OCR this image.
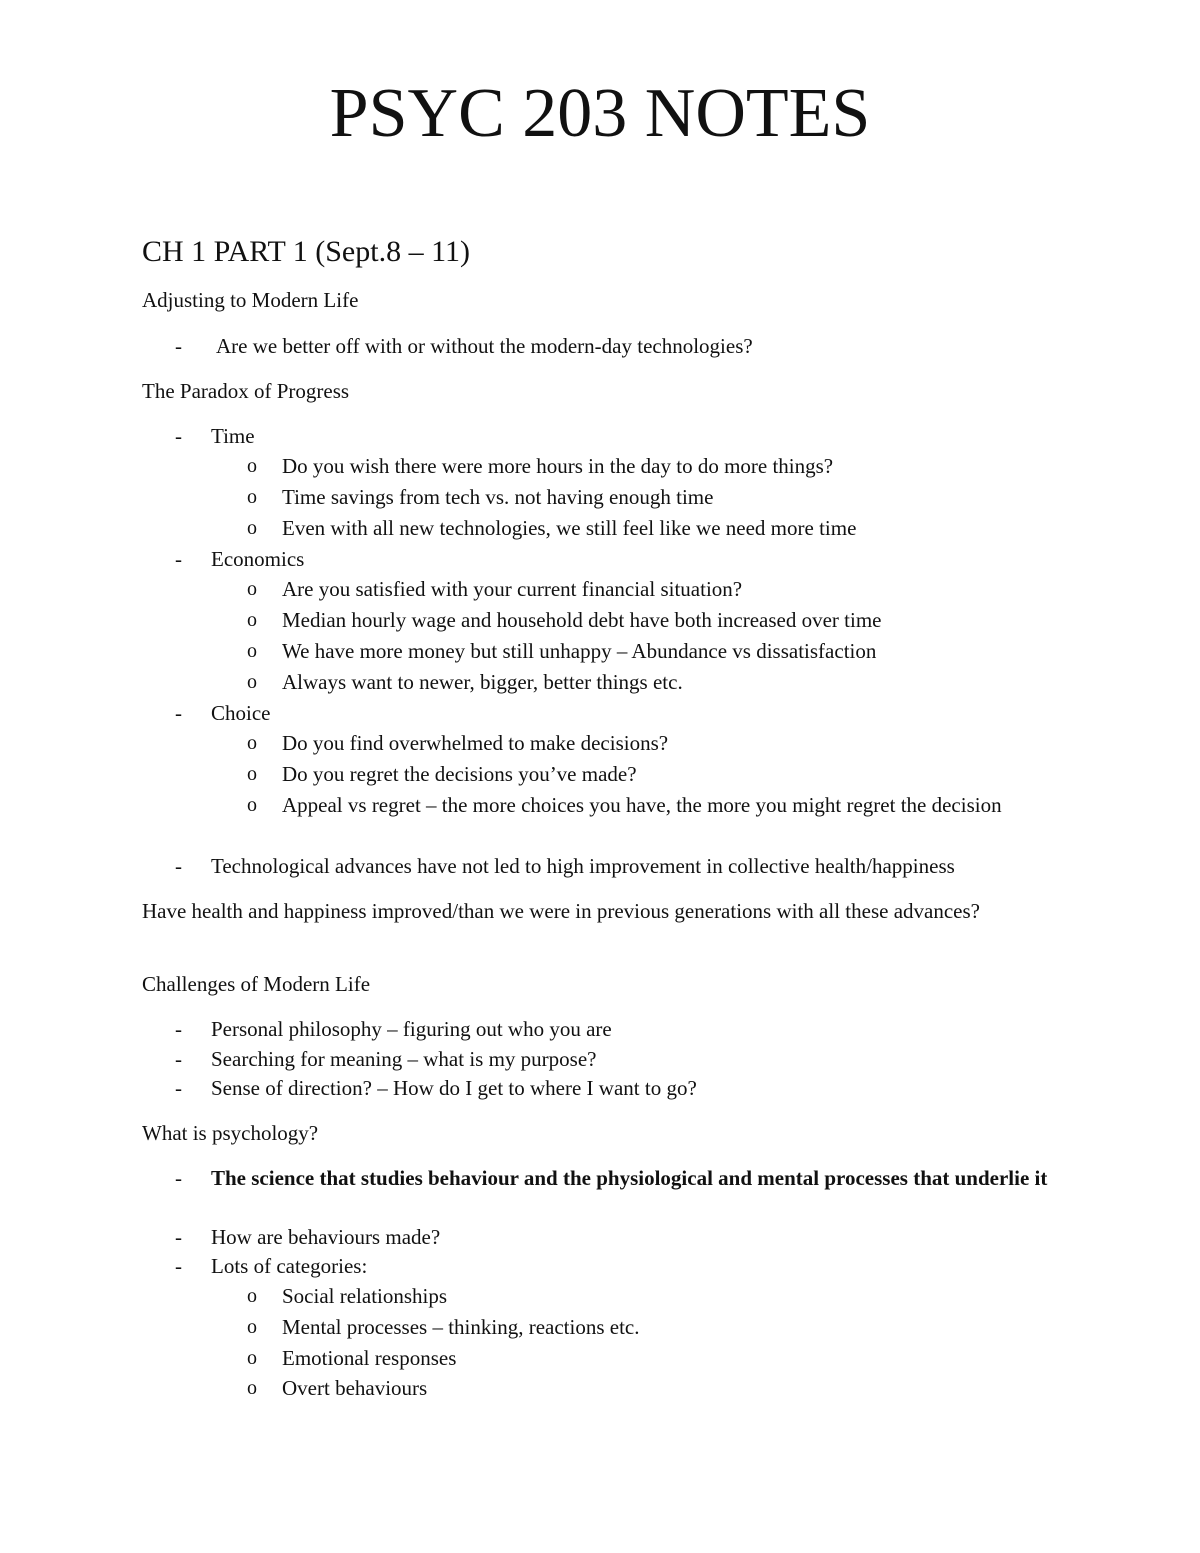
PSYC 203 NOTES
CH 1 PART 1 (Sept.8 – 11)

Adjusting to Modern Life

- Are we better off with or without the modern-day technologies?

The Paradox of Progress

- Time
o Do you wish there were more hours in the day to do more things?
o Time savings from tech vs. not having enough time
o Even with all new technologies, we still feel like we need more time
- Economics
o Are you satisfied with your current financial situation?
o Median hourly wage and household debt have both increased over time
o We have more money but still unhappy – Abundance vs dissatisfaction
o Always want to newer, bigger, better things etc.
- Choice
o Do you find overwhelmed to make decisions?
o Do you regret the decisions you’ve made?
o Appeal vs regret – the more choices you have, the more you might regret the decision
- Technological advances have not led to high improvement in collective health/happiness

Have health and happiness improved/than we were in previous generations with all these advances?

Challenges of Modern Life

- Personal philosophy – figuring out who you are
- Searching for meaning – what is my purpose?
- Sense of direction? – How do I get to where I want to go?

What is psychology?

- The science that studies behaviour and the physiological and mental processes that underlie it
- How are behaviours made?
- Lots of categories:
o Social relationships
o Mental processes – thinking, reactions etc.
o Emotional responses
o Overt behaviours
